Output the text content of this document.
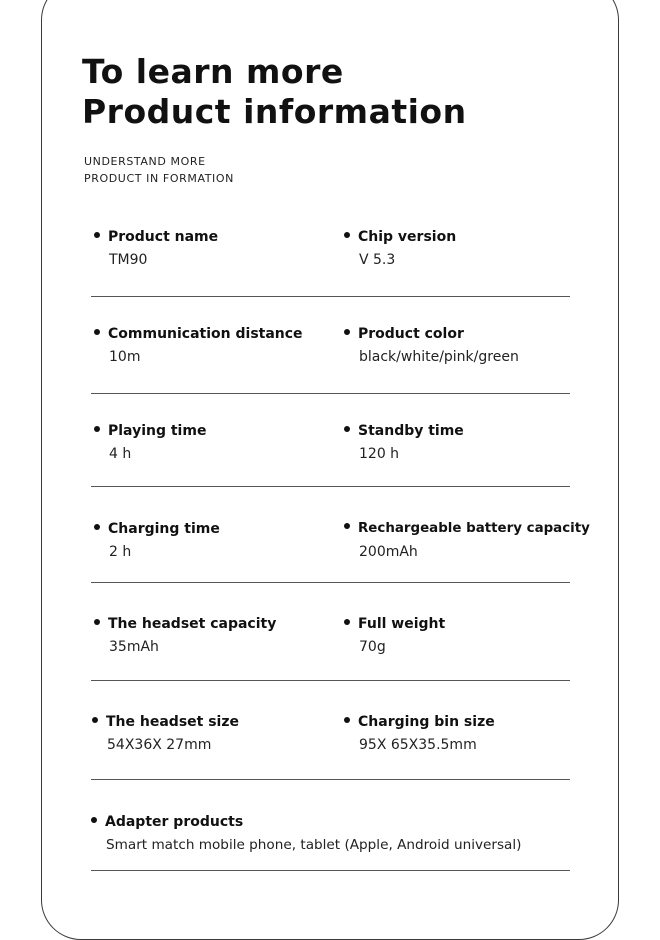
To learn more
Product information
UNDERSTAND MORE
PRODUCT IN FORMATION
Product name
TM90
Chip version
V 5.3
Communication distance
10m
Product color
black/white/pink/green
Playing time
4 h
Standby time
120 h
Charging time
2 h
Rechargeable battery capacity
200mAh
The headset capacity
35mAh
Full weight
70g
The headset size
54X36X 27mm
Charging bin size
95X 65X35.5mm
Adapter products
Smart match mobile phone, tablet (Apple, Android universal)
